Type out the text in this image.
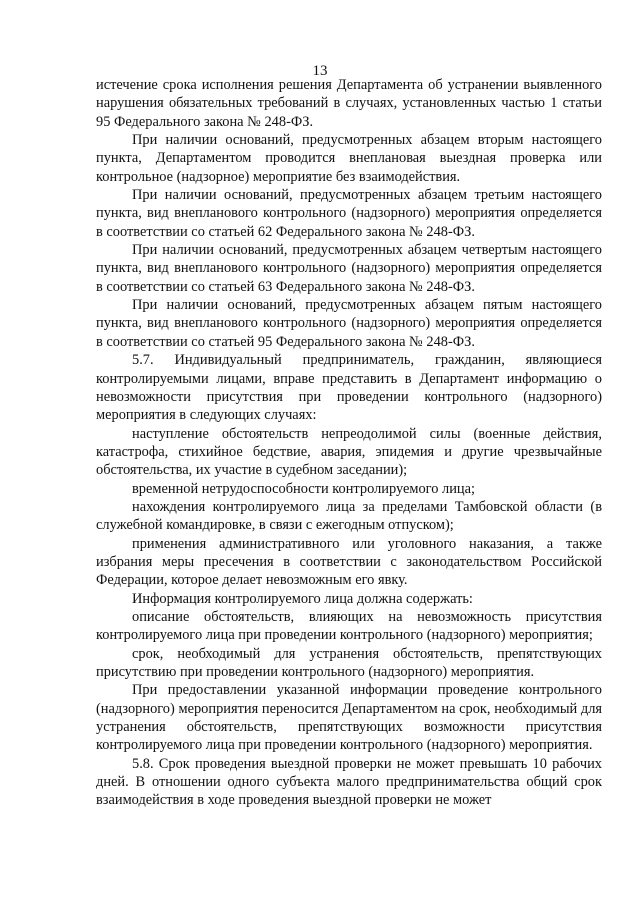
13

истечение срока исполнения решения Департамента об устранении выявленного нарушения обязательных требований в случаях, установленных частью 1 статьи 95 Федерального закона № 248-ФЗ.

При наличии оснований, предусмотренных абзацем вторым настоящего пункта, Департаментом проводится внеплановая выездная проверка или контрольное (надзорное) мероприятие без взаимодействия.

При наличии оснований, предусмотренных абзацем третьим настоящего пункта, вид внепланового контрольного (надзорного) мероприятия определяется в соответствии со статьей 62 Федерального закона № 248-ФЗ.

При наличии оснований, предусмотренных абзацем четвертым настоящего пункта, вид внепланового контрольного (надзорного) мероприятия определяется в соответствии со статьей 63 Федерального закона № 248-ФЗ.

При наличии оснований, предусмотренных абзацем пятым настоящего пункта, вид внепланового контрольного (надзорного) мероприятия определяется в соответствии со статьей 95 Федерального закона № 248-ФЗ.

5.7. Индивидуальный предприниматель, гражданин, являющиеся контролируемыми лицами, вправе представить в Департамент информацию о невозможности присутствия при проведении контрольного (надзорного) мероприятия в следующих случаях:

наступление обстоятельств непреодолимой силы (военные действия, катастрофа, стихийное бедствие, авария, эпидемия и другие чрезвычайные обстоятельства, их участие в судебном заседании);

временной нетрудоспособности контролируемого лица;

нахождения контролируемого лица за пределами Тамбовской области (в служебной командировке, в связи с ежегодным отпуском);

применения административного или уголовного наказания, а также избрания меры пресечения в соответствии с законодательством Российской Федерации, которое делает невозможным его явку.

Информация контролируемого лица должна содержать:

описание обстоятельств, влияющих на невозможность присутствия контролируемого лица при проведении контрольного (надзорного) мероприятия;

срок, необходимый для устранения обстоятельств, препятствующих присутствию при проведении контрольного (надзорного) мероприятия.

При предоставлении указанной информации проведение контрольного (надзорного) мероприятия переносится Департаментом на срок, необходимый для устранения обстоятельств, препятствующих возможности присутствия контролируемого лица при проведении контрольного (надзорного) мероприятия.

5.8. Срок проведения выездной проверки не может превышать 10 рабочих дней. В отношении одного субъекта малого предпринимательства общий срок взаимодействия в ходе проведения выездной проверки не может
